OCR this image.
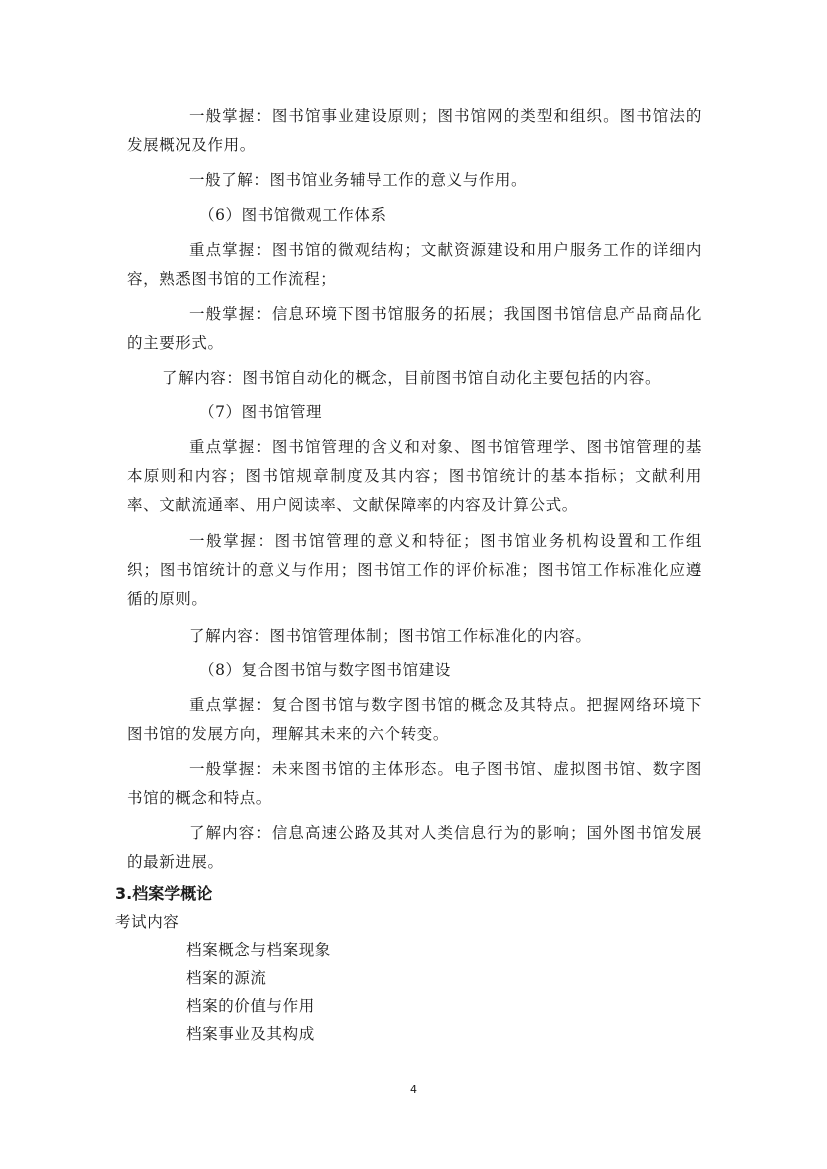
一般掌握：图书馆事业建设原则；图书馆网的类型和组织。图书馆法的发展概况及作用。

一般了解：图书馆业务辅导工作的意义与作用。

（6）图书馆微观工作体系

重点掌握：图书馆的微观结构；文献资源建设和用户服务工作的详细内容，熟悉图书馆的工作流程；

一般掌握：信息环境下图书馆服务的拓展；我国图书馆信息产品商品化的主要形式。

了解内容：图书馆自动化的概念，目前图书馆自动化主要包括的内容。

（7）图书馆管理

重点掌握：图书馆管理的含义和对象、图书馆管理学、图书馆管理的基本原则和内容；图书馆规章制度及其内容；图书馆统计的基本指标；文献利用率、文献流通率、用户阅读率、文献保障率的内容及计算公式。

一般掌握：图书馆管理的意义和特征；图书馆业务机构设置和工作组织；图书馆统计的意义与作用；图书馆工作的评价标准；图书馆工作标准化应遵循的原则。

了解内容：图书馆管理体制；图书馆工作标准化的内容。

（8）复合图书馆与数字图书馆建设

重点掌握：复合图书馆与数字图书馆的概念及其特点。把握网络环境下图书馆的发展方向，理解其未来的六个转变。

一般掌握：未来图书馆的主体形态。电子图书馆、虚拟图书馆、数字图书馆的概念和特点。

了解内容：信息高速公路及其对人类信息行为的影响；国外图书馆发展的最新进展。

3.档案学概论

考试内容

档案概念与档案现象

档案的源流

档案的价值与作用

档案事业及其构成

4
